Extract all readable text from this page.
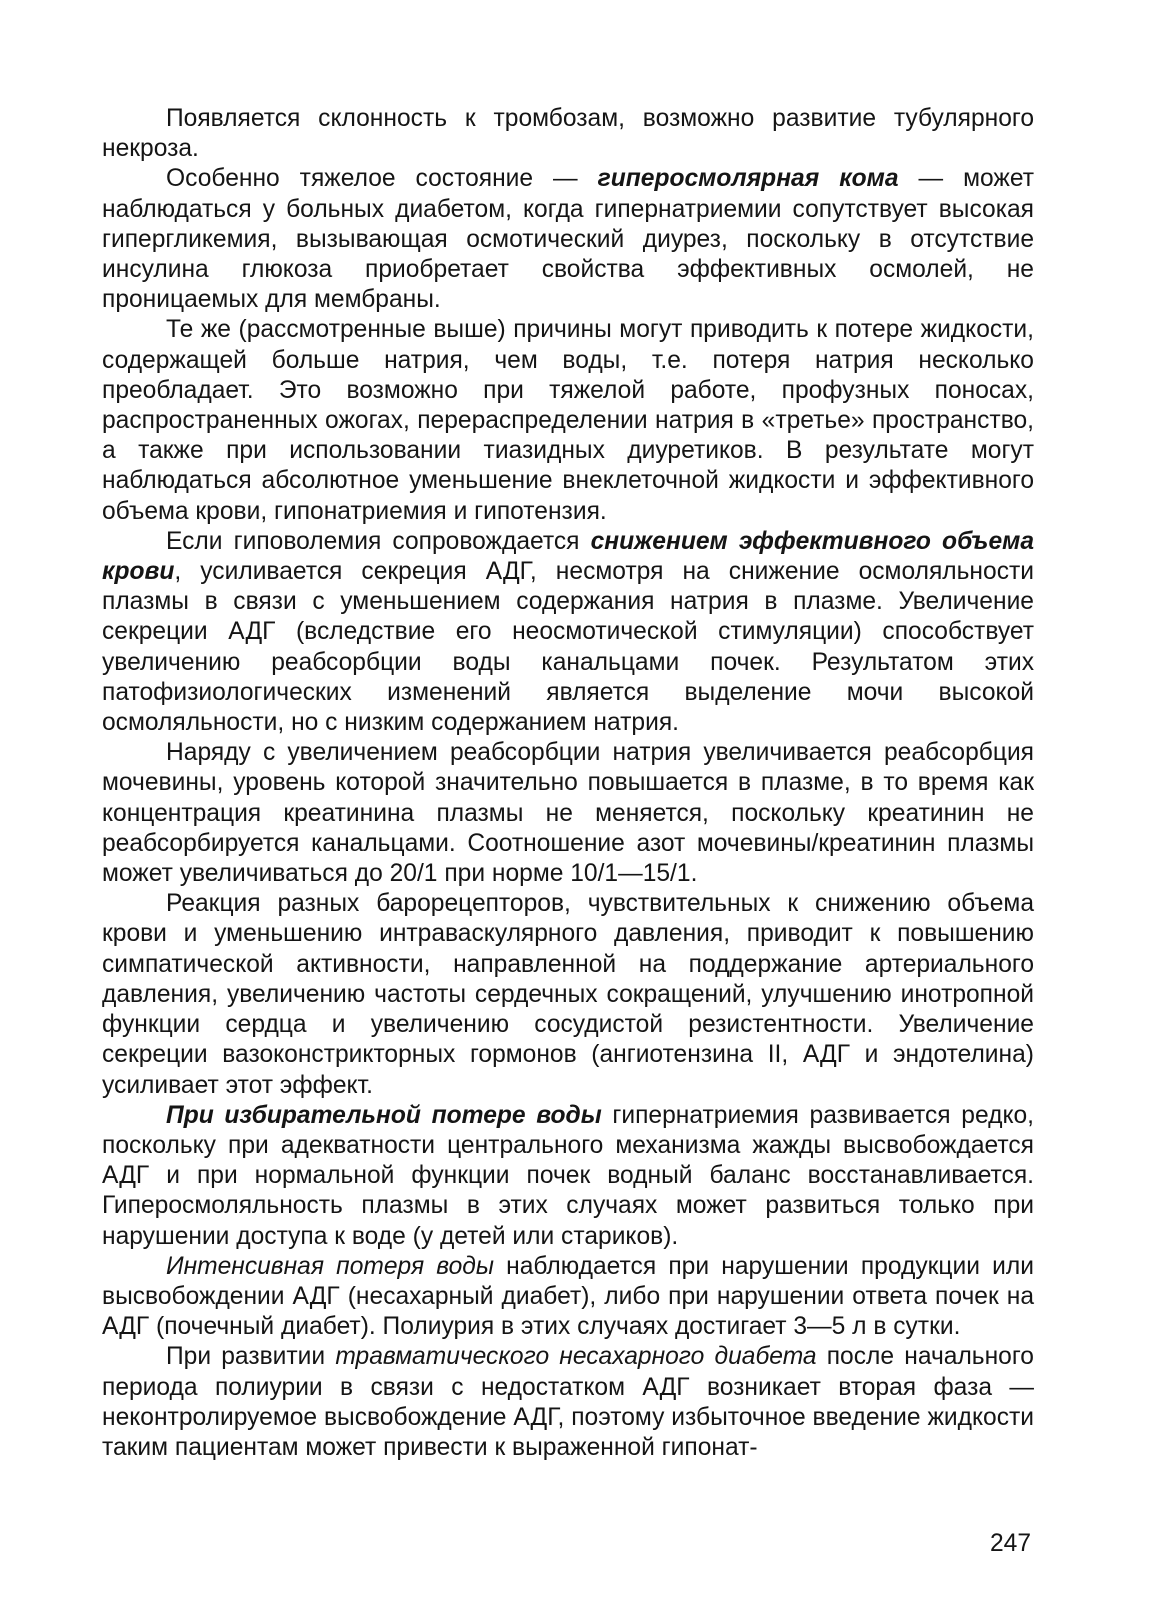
Появляется склонность к тромбозам, возможно развитие тубулярного некроза.

Особенно тяжелое состояние — гиперосмолярная кома — может наблюдаться у больных диабетом, когда гипернатриемии сопутствует высокая гипергликемия, вызывающая осмотический диурез, поскольку в отсутствие инсулина глюкоза приобретает свойства эффективных осмолей, не проницаемых для мембраны.

Те же (рассмотренные выше) причины могут приводить к потере жидкости, содержащей больше натрия, чем воды, т.е. потеря натрия несколько преобладает. Это возможно при тяжелой работе, профузных поносах, распространенных ожогах, перераспределении натрия в «третье» пространство, а также при использовании тиазидных диуретиков. В результате могут наблюдаться абсолютное уменьшение внеклеточной жидкости и эффективного объема крови, гипонатриемия и гипотензия.

Если гиповолемия сопровождается снижением эффективного объема крови, усиливается секреция АДГ, несмотря на снижение осмоляльности плазмы в связи с уменьшением содержания натрия в плазме. Увеличение секреции АДГ (вследствие его неосмотической стимуляции) способствует увеличению реабсорбции воды канальцами почек. Результатом этих патофизиологических изменений является выделение мочи высокой осмоляльности, но с низким содержанием натрия.

Наряду с увеличением реабсорбции натрия увеличивается реабсорбция мочевины, уровень которой значительно повышается в плазме, в то время как концентрация креатинина плазмы не меняется, поскольку креатинин не реабсорбируется канальцами. Соотношение азот мочевины/креатинин плазмы может увеличиваться до 20/1 при норме 10/1—15/1.

Реакция разных барорецепторов, чувствительных к снижению объема крови и уменьшению интраваскулярного давления, приводит к повышению симпатической активности, направленной на поддержание артериального давления, увеличению частоты сердечных сокращений, улучшению инотропной функции сердца и увеличению сосудистой резистентности. Увеличение секреции вазоконстрикторных гормонов (ангиотензина II, АДГ и эндотелина) усиливает этот эффект.

При избирательной потере воды гипернатриемия развивается редко, поскольку при адекватности центрального механизма жажды высвобождается АДГ и при нормальной функции почек водный баланс восстанавливается. Гиперосмоляльность плазмы в этих случаях может развиться только при нарушении доступа к воде (у детей или стариков).

Интенсивная потеря воды наблюдается при нарушении продукции или высвобождении АДГ (несахарный диабет), либо при нарушении ответа почек на АДГ (почечный диабет). Полиурия в этих случаях достигает 3—5 л в сутки.

При развитии травматического несахарного диабета после начального периода полиурии в связи с недостатком АДГ возникает вторая фаза — неконтролируемое высвобождение АДГ, поэтому избыточное введение жидкости таким пациентам может привести к выраженной гипонат-

247
